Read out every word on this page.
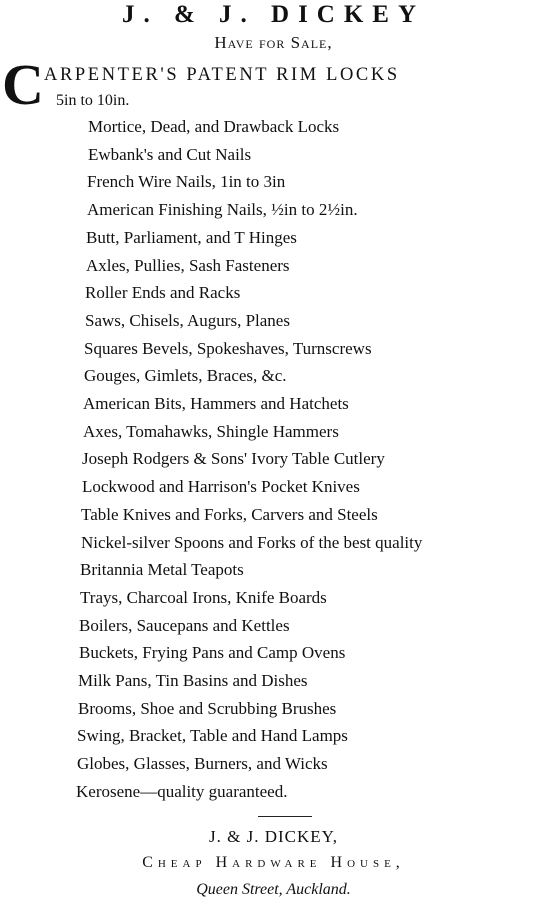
J. & J. DICKEY
Have for Sale,
C ARPENTER'S PATENT RIM LOCKS
5in to 10in.
Mortice, Dead, and Drawback Locks
Ewbank's and Cut Nails
French Wire Nails, 1in to 3in
American Finishing Nails, ½in to 2½in.
Butt, Parliament, and T Hinges
Axles, Pullies, Sash Fasteners
Roller Ends and Racks
Saws, Chisels, Augurs, Planes
Squares Bevels, Spokeshaves, Turnscrews
Gouges, Gimlets, Braces, &c.
American Bits, Hammers and Hatchets
Axes, Tomahawks, Shingle Hammers
Joseph Rodgers & Sons' Ivory Table Cutlery
Lockwood and Harrison's Pocket Knives
Table Knives and Forks, Carvers and Steels
Nickel-silver Spoons and Forks of the best quality
Britannia Metal Teapots
Trays, Charcoal Irons, Knife Boards
Boilers, Saucepans and Kettles
Buckets, Frying Pans and Camp Ovens
Milk Pans, Tin Basins and Dishes
Brooms, Shoe and Scrubbing Brushes
Swing, Bracket, Table and Hand Lamps
Globes, Glasses, Burners, and Wicks
Kerosene—quality guaranteed.
J. & J. DICKEY,
Cheap Hardware House,
Queen Street, Auckland.
